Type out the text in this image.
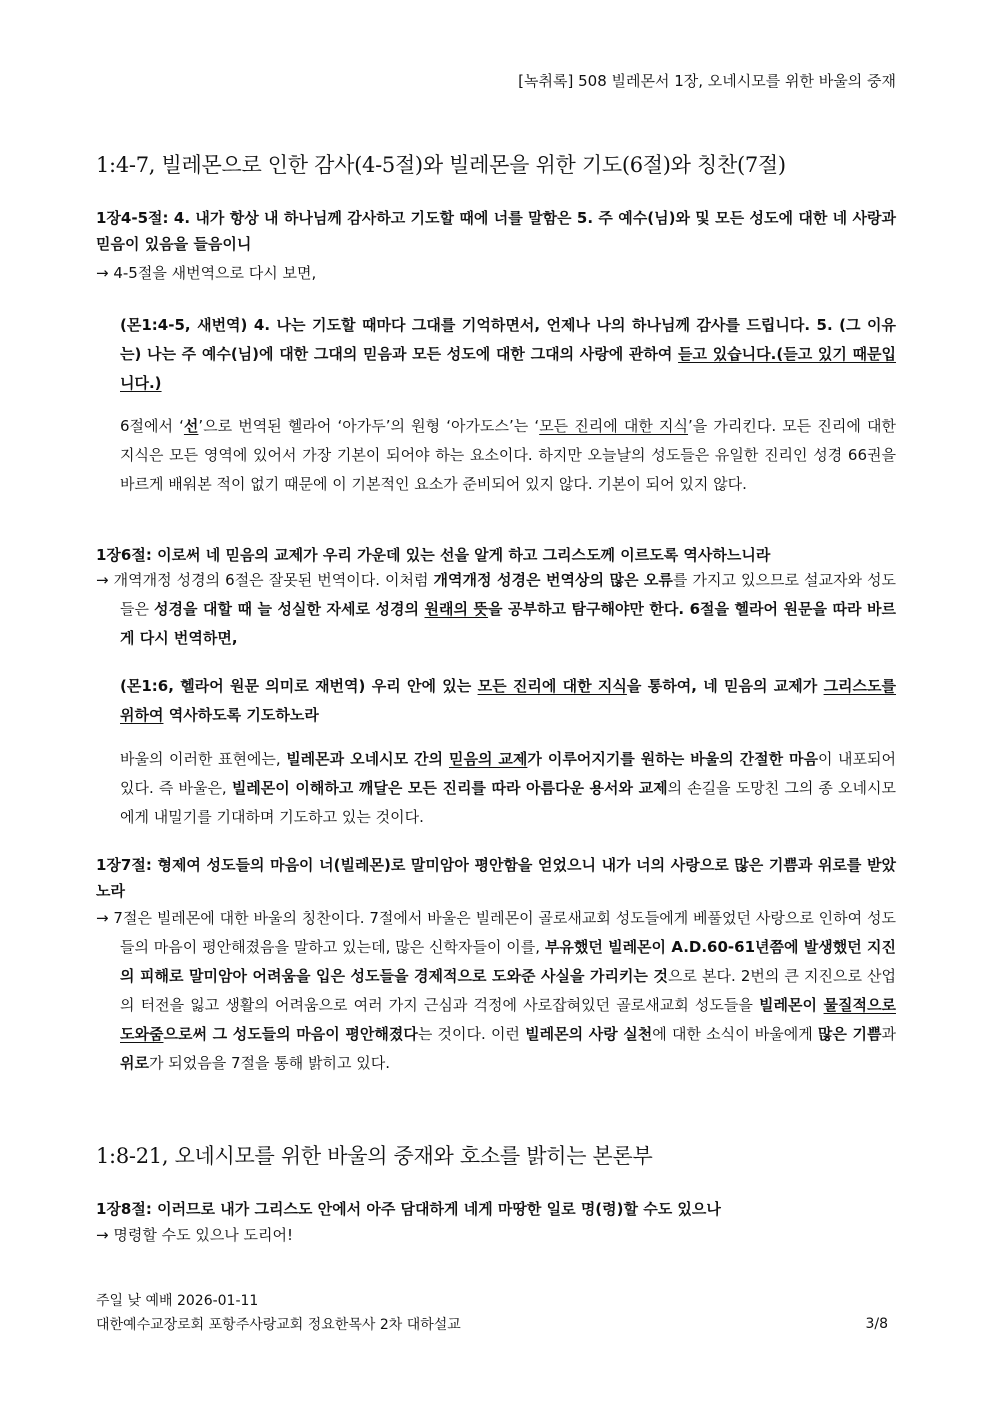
[녹취록] 508 빌레몬서 1장, 오네시모를 위한 바울의 중재
1:4-7, 빌레몬으로 인한 감사(4-5절)와 빌레몬을 위한 기도(6절)와 칭찬(7절)
1장4-5절: 4. 내가 항상 내 하나님께 감사하고 기도할 때에 너를 말함은 5. 주 예수(님)와 및 모든 성도에 대한 네 사랑과 믿음이 있음을 들음이니
→ 4-5절을 새번역으로 다시 보면,
(몬1:4-5, 새번역) 4. 나는 기도할 때마다 그대를 기억하면서, 언제나 나의 하나님께 감사를 드립니다. 5. (그 이유는) 나는 주 예수(님)에 대한 그대의 믿음과 모든 성도에 대한 그대의 사랑에 관하여 듣고 있습니다.(듣고 있기 때문입니다.)
6절에서 ‘선’으로 번역된 헬라어 ‘아가두’의 원형 ‘아가도스’는 ‘모든 진리에 대한 지식’을 가리킨다. 모든 진리에 대한 지식은 모든 영역에 있어서 가장 기본이 되어야 하는 요소이다. 하지만 오늘날의 성도들은 유일한 진리인 성경 66권을 바르게 배워본 적이 없기 때문에 이 기본적인 요소가 준비되어 있지 않다. 기본이 되어 있지 않다.
1장6절: 이로써 네 믿음의 교제가 우리 가운데 있는 선을 알게 하고 그리스도께 이르도록 역사하느니라
→ 개역개정 성경의 6절은 잘못된 번역이다. 이처럼 개역개정 성경은 번역상의 많은 오류를 가지고 있으므로 설교자와 성도들은 성경을 대할 때 늘 성실한 자세로 성경의 원래의 뜻을 공부하고 탐구해야만 한다. 6절을 헬라어 원문을 따라 바르게 다시 번역하면,
(몬1:6, 헬라어 원문 의미로 재번역) 우리 안에 있는 모든 진리에 대한 지식을 통하여, 네 믿음의 교제가 그리스도를 위하여 역사하도록 기도하노라
바울의 이러한 표현에는, 빌레몬과 오네시모 간의 믿음의 교제가 이루어지기를 원하는 바울의 간절한 마음이 내포되어 있다. 즉 바울은, 빌레몬이 이해하고 깨달은 모든 진리를 따라 아름다운 용서와 교제의 손길을 도망친 그의 종 오네시모에게 내밀기를 기대하며 기도하고 있는 것이다.
1장7절: 형제여 성도들의 마음이 너(빌레몬)로 말미암아 평안함을 얻었으니 내가 너의 사랑으로 많은 기쁨과 위로를 받았노라
→ 7절은 빌레몬에 대한 바울의 칭찬이다. 7절에서 바울은 빌레몬이 골로새교회 성도들에게 베풀었던 사랑으로 인하여 성도들의 마음이 평안해졌음을 말하고 있는데, 많은 신학자들이 이를, 부유했던 빌레몬이 A.D.60-61년쯤에 발생했던 지진의 피해로 말미암아 어려움을 입은 성도들을 경제적으로 도와준 사실을 가리키는 것으로 본다. 2번의 큰 지진으로 산업의 터전을 잃고 생활의 어려움으로 여러 가지 근심과 걱정에 사로잡혀있던 골로새교회 성도들을 빌레몬이 물질적으로 도와줌으로써 그 성도들의 마음이 평안해졌다는 것이다. 이런 빌레몬의 사랑 실천에 대한 소식이 바울에게 많은 기쁨과 위로가 되었음을 7절을 통해 밝히고 있다.
1:8-21, 오네시모를 위한 바울의 중재와 호소를 밝히는 본론부
1장8절: 이러므로 내가 그리스도 안에서 아주 담대하게 네게 마땅한 일로 명(령)할 수도 있으나
→ 명령할 수도 있으나 도리어!
주일 낮 예배 2026-01-11
대한예수교장로회 포항주사랑교회 정요한목사 2차 대하설교	3/8
